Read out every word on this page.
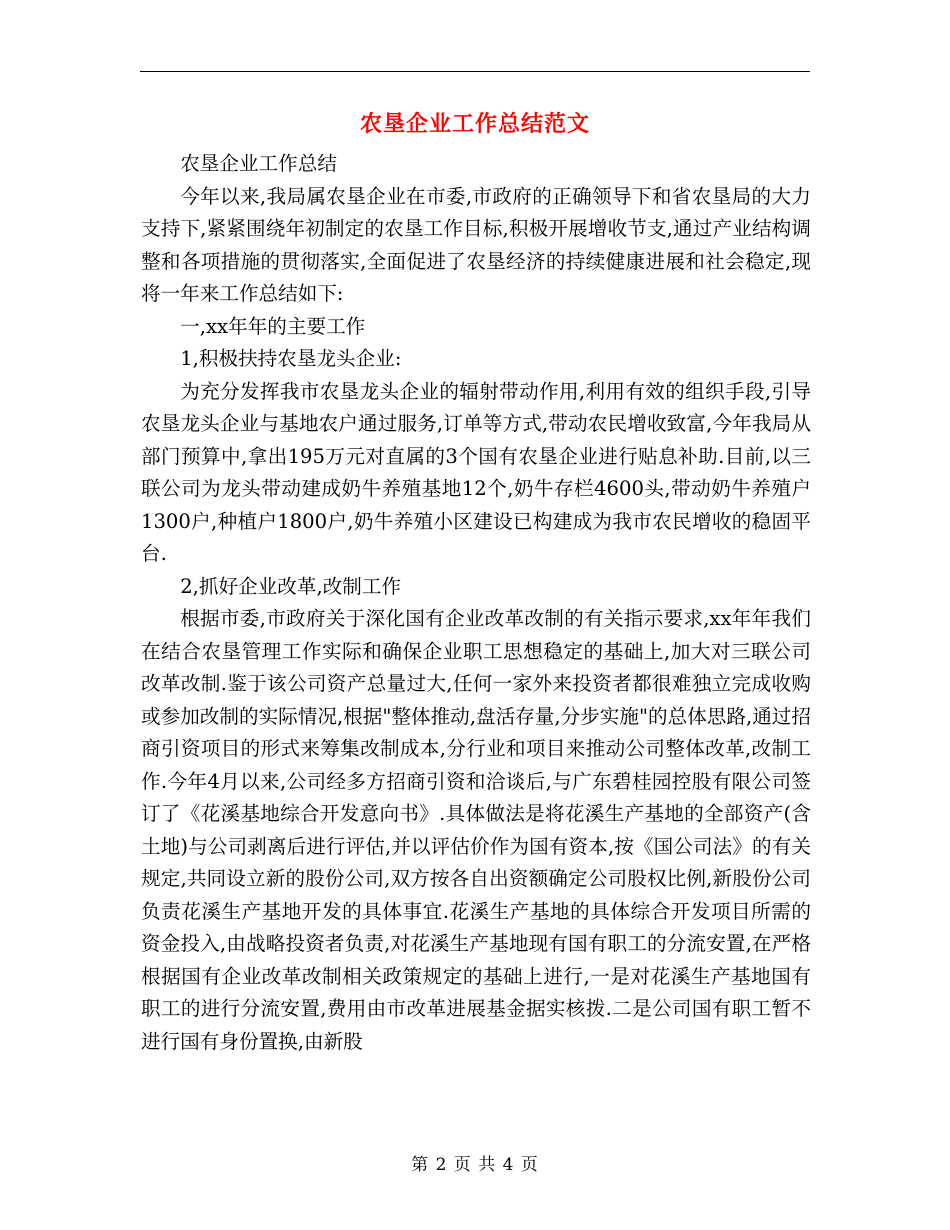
农垦企业工作总结范文

农垦企业工作总结

今年以来,我局属农垦企业在市委,市政府的正确领导下和省农垦局的大力支持下,紧紧围绕年初制定的农垦工作目标,积极开展增收节支,通过产业结构调整和各项措施的贯彻落实,全面促进了农垦经济的持续健康进展和社会稳定,现将一年来工作总结如下:

一,xx年年的主要工作

1,积极扶持农垦龙头企业:

为充分发挥我市农垦龙头企业的辐射带动作用,利用有效的组织手段,引导农垦龙头企业与基地农户通过服务,订单等方式,带动农民增收致富,今年我局从部门预算中,拿出195万元对直属的3个国有农垦企业进行贴息补助.目前,以三联公司为龙头带动建成奶牛养殖基地12个,奶牛存栏4600头,带动奶牛养殖户1300户,种植户1800户,奶牛养殖小区建设已构建成为我市农民增收的稳固平台.

2,抓好企业改革,改制工作

根据市委,市政府关于深化国有企业改革改制的有关指示要求,xx年年我们在结合农垦管理工作实际和确保企业职工思想稳定的基础上,加大对三联公司改革改制.鉴于该公司资产总量过大,任何一家外来投资者都很难独立完成收购或参加改制的实际情况,根据"整体推动,盘活存量,分步实施"的总体思路,通过招商引资项目的形式来筹集改制成本,分行业和项目来推动公司整体改革,改制工作.今年4月以来,公司经多方招商引资和洽谈后,与广东碧桂园控股有限公司签订了《花溪基地综合开发意向书》.具体做法是将花溪生产基地的全部资产(含土地)与公司剥离后进行评估,并以评估价作为国有资本,按《国公司法》的有关规定,共同设立新的股份公司,双方按各自出资额确定公司股权比例,新股份公司负责花溪生产基地开发的具体事宜.花溪生产基地的具体综合开发项目所需的资金投入,由战略投资者负责,对花溪生产基地现有国有职工的分流安置,在严格根据国有企业改革改制相关政策规定的基础上进行,一是对花溪生产基地国有职工的进行分流安置,费用由市改革进展基金据实核拨.二是公司国有职工暂不进行国有身份置换,由新股

第 2 页 共 4 页
